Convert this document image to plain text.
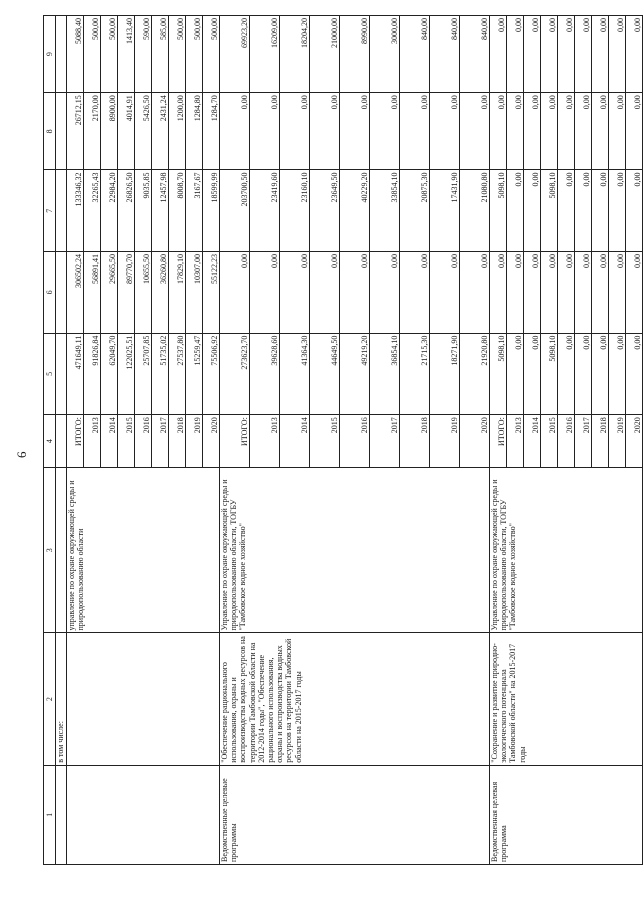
6
1	2	3	4	5	6	7	8	9
	в том числе:							
		управление по охране окружающей среды и природопользованию области	ИТОГО:	471649,11	306502,24	133346,32	26712,15	5088,40
			2013	91826,84	56891,41	32265,43	2170,00	500,00
			2014	62049,70	29665,50	22984,20	8900,00	500,00
			2015	122025,51	89770,70	26826,50	4014,91	1413,40
			2016	25707,85	10655,50	9035,85	5426,50	590,00
			2017	51735,02	36260,80	12457,98	2431,24	585,00
			2018	27537,80	17829,10	8008,70	1200,00	500,00
			2019	15259,47	10307,00	3167,67	1284,80	500,00
			2020	75506,92	55122,23	18599,99	1284,70	500,00
Ведомственные целевые программы	"Обеспечение рационального использования, охраны и воспроизводства водных ресурсов на территории Тамбовской области на 2012-2014 годы", "Обеспечение рационального использования, охраны и воспроизводства водных ресурсов на территории Тамбовской области на 2015-2017 годы	Управление по охране окружающей среды и природопользованию области, ТОГБУ "Тамбовское водное хозяйство"	ИТОГО:	273623,70	0,00	203700,50	0,00	69923,20
			2013	39628,60	0,00	23419,60	0,00	16209,00
			2014	41364,30	0,00	23160,10	0,00	18204,20
			2015	44649,50	0,00	23649,50	0,00	21000,00
			2016	49219,20	0,00	40229,20	0,00	8990,00
			2017	36854,10	0,00	33854,10	0,00	3000,00
			2018	21715,30	0,00	20875,30	0,00	840,00
			2019	18271,90	0,00	17431,90	0,00	840,00
			2020	21920,80	0,00	21080,80	0,00	840,00
Ведомственная целевая программа	"Сохранение и развитие природно-экологического потенциала Тамбовской области" на 2015-2017 годы	Управление по охране окружающей среды и природопользованию области, ТОГБУ "Тамбовское водное хозяйство"	ИТОГО:	5098,10	0,00	5098,10	0,00	0,00
			2013	0,00	0,00	0,00	0,00	0,00
			2014	0,00	0,00	0,00	0,00	0,00
			2015	5098,10	0,00	5098,10	0,00	0,00
			2016	0,00	0,00	0,00	0,00	0,00
			2017	0,00	0,00	0,00	0,00	0,00
			2018	0,00	0,00	0,00	0,00	0,00
			2019	0,00	0,00	0,00	0,00	0,00
			2020	0,00	0,00	0,00	0,00	0,00
